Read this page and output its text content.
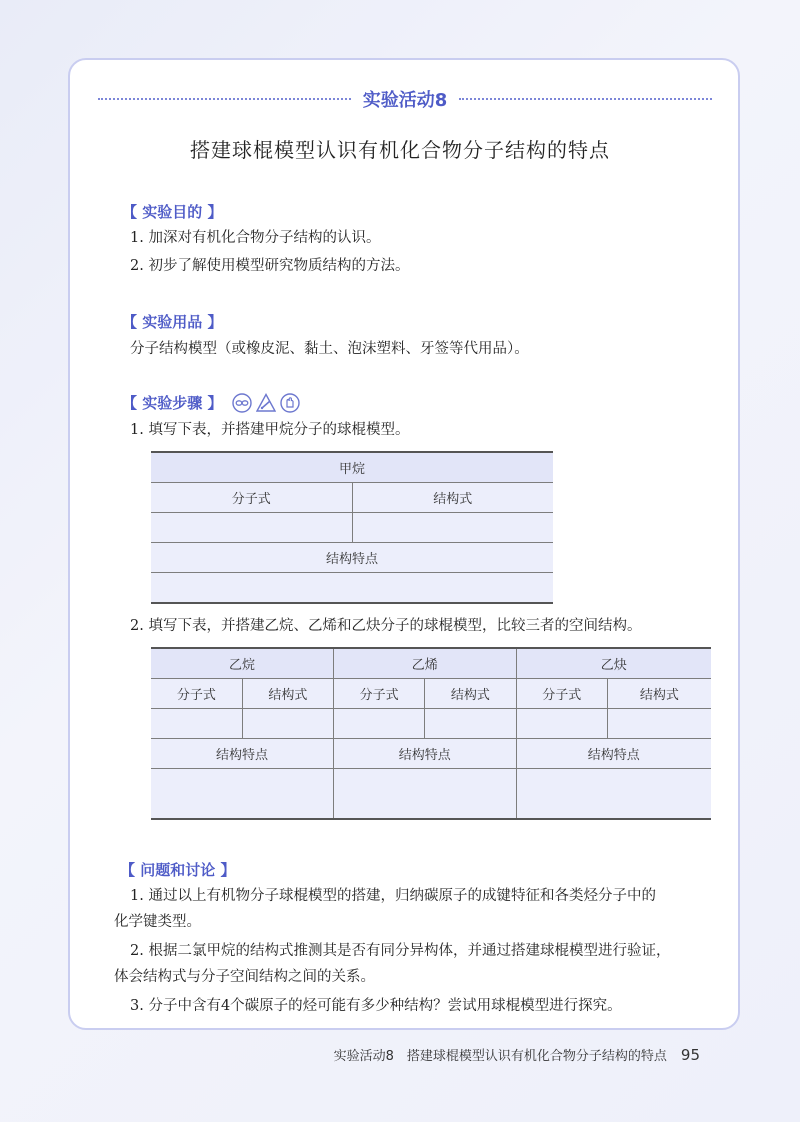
实验活动8
搭建球棍模型认识有机化合物分子结构的特点
【 实验目的 】
1. 加深对有机化合物分子结构的认识。
2. 初步了解使用模型研究物质结构的方法。
【 实验用品 】
分子结构模型（或橡皮泥、黏土、泡沫塑料、牙签等代用品）。
【 实验步骤 】
1. 填写下表，并搭建甲烷分子的球棍模型。
甲烷	
分子式	结构式

结构特点	

2. 填写下表，并搭建乙烷、乙烯和乙炔分子的球棍模型，比较三者的空间结构。
乙烷		乙烯		乙炔	
分子式	结构式	分子式	结构式	分子式	结构式

结构特点		结构特点		结构特点	

【 问题和讨论 】
1. 通过以上有机物分子球棍模型的搭建，归纳碳原子的成键特征和各类烃分子中的
化学键类型。
2. 根据二氯甲烷的结构式推测其是否有同分异构体，并通过搭建球棍模型进行验证，
体会结构式与分子空间结构之间的关系。
3. 分子中含有4个碳原子的烃可能有多少种结构？尝试用球棍模型进行探究。
实验活动8　搭建球棍模型认识有机化合物分子结构的特点 95
